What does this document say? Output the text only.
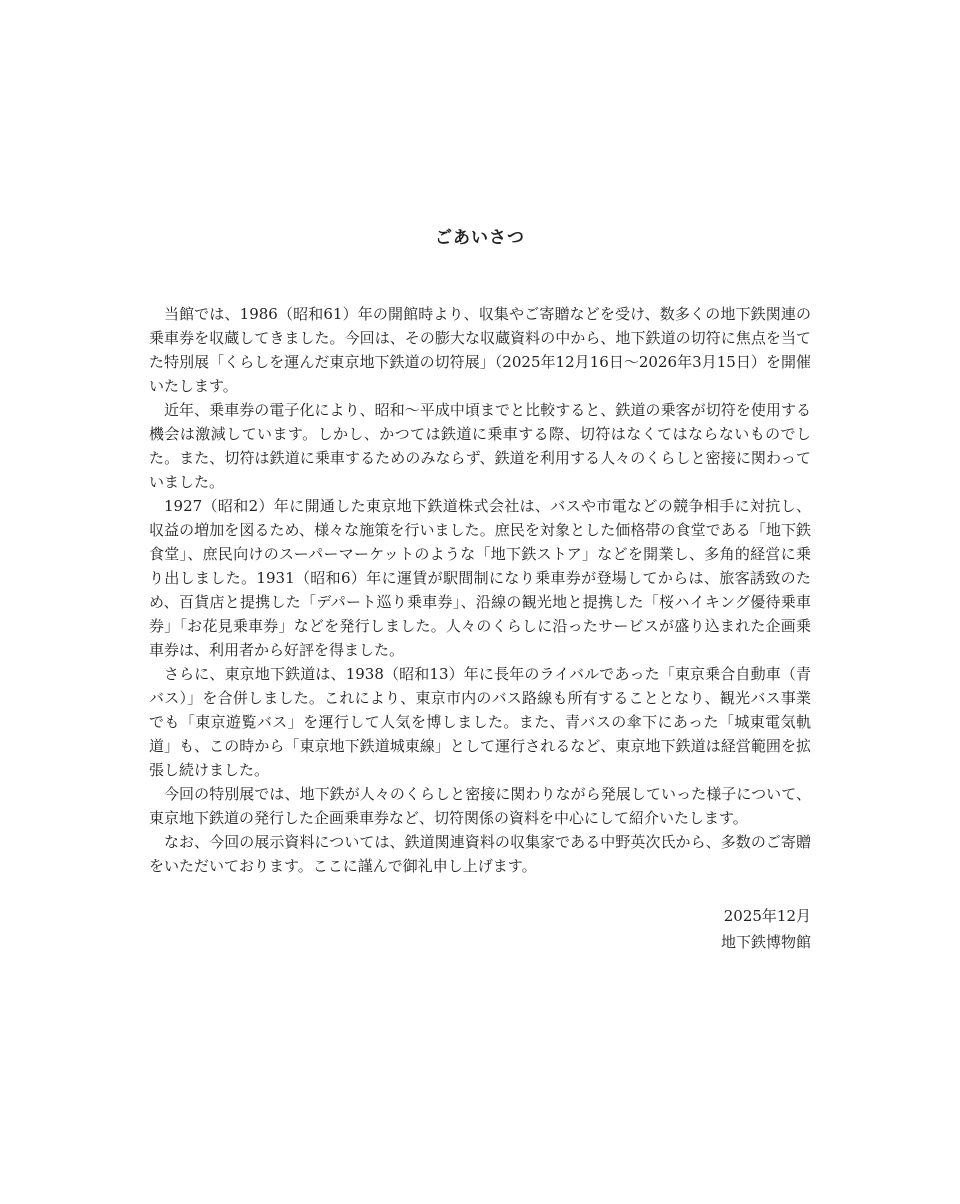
ごあいさつ

当館では、1986（昭和61）年の開館時より、収集やご寄贈などを受け、数多くの地下鉄関連の乗車券を収蔵してきました。今回は、その膨大な収蔵資料の中から、地下鉄道の切符に焦点を当てた特別展「くらしを運んだ東京地下鉄道の切符展」（2025年12月16日～2026年3月15日）を開催いたします。

近年、乗車券の電子化により、昭和～平成中頃までと比較すると、鉄道の乗客が切符を使用する機会は激減しています。しかし、かつては鉄道に乗車する際、切符はなくてはならないものでした。また、切符は鉄道に乗車するためのみならず、鉄道を利用する人々のくらしと密接に関わっていました。

1927（昭和2）年に開通した東京地下鉄道株式会社は、バスや市電などの競争相手に対抗し、収益の増加を図るため、様々な施策を行いました。庶民を対象とした価格帯の食堂である「地下鉄食堂」、庶民向けのスーパーマーケットのような「地下鉄ストア」などを開業し、多角的経営に乗り出しました。1931（昭和6）年に運賃が駅間制になり乗車券が登場してからは、旅客誘致のため、百貨店と提携した「デパート巡り乗車券」、沿線の観光地と提携した「桜ハイキング優待乗車券」「お花見乗車券」などを発行しました。人々のくらしに沿ったサービスが盛り込まれた企画乗車券は、利用者から好評を得ました。

さらに、東京地下鉄道は、1938（昭和13）年に長年のライバルであった「東京乗合自動車（青バス）」を合併しました。これにより、東京市内のバス路線も所有することとなり、観光バス事業でも「東京遊覧バス」を運行して人気を博しました。また、青バスの傘下にあった「城東電気軌道」も、この時から「東京地下鉄道城東線」として運行されるなど、東京地下鉄道は経営範囲を拡張し続けました。

今回の特別展では、地下鉄が人々のくらしと密接に関わりながら発展していった様子について、東京地下鉄道の発行した企画乗車券など、切符関係の資料を中心にして紹介いたします。

なお、今回の展示資料については、鉄道関連資料の収集家である中野英次氏から、多数のご寄贈をいただいております。ここに謹んで御礼申し上げます。

2025年12月
地下鉄博物館
